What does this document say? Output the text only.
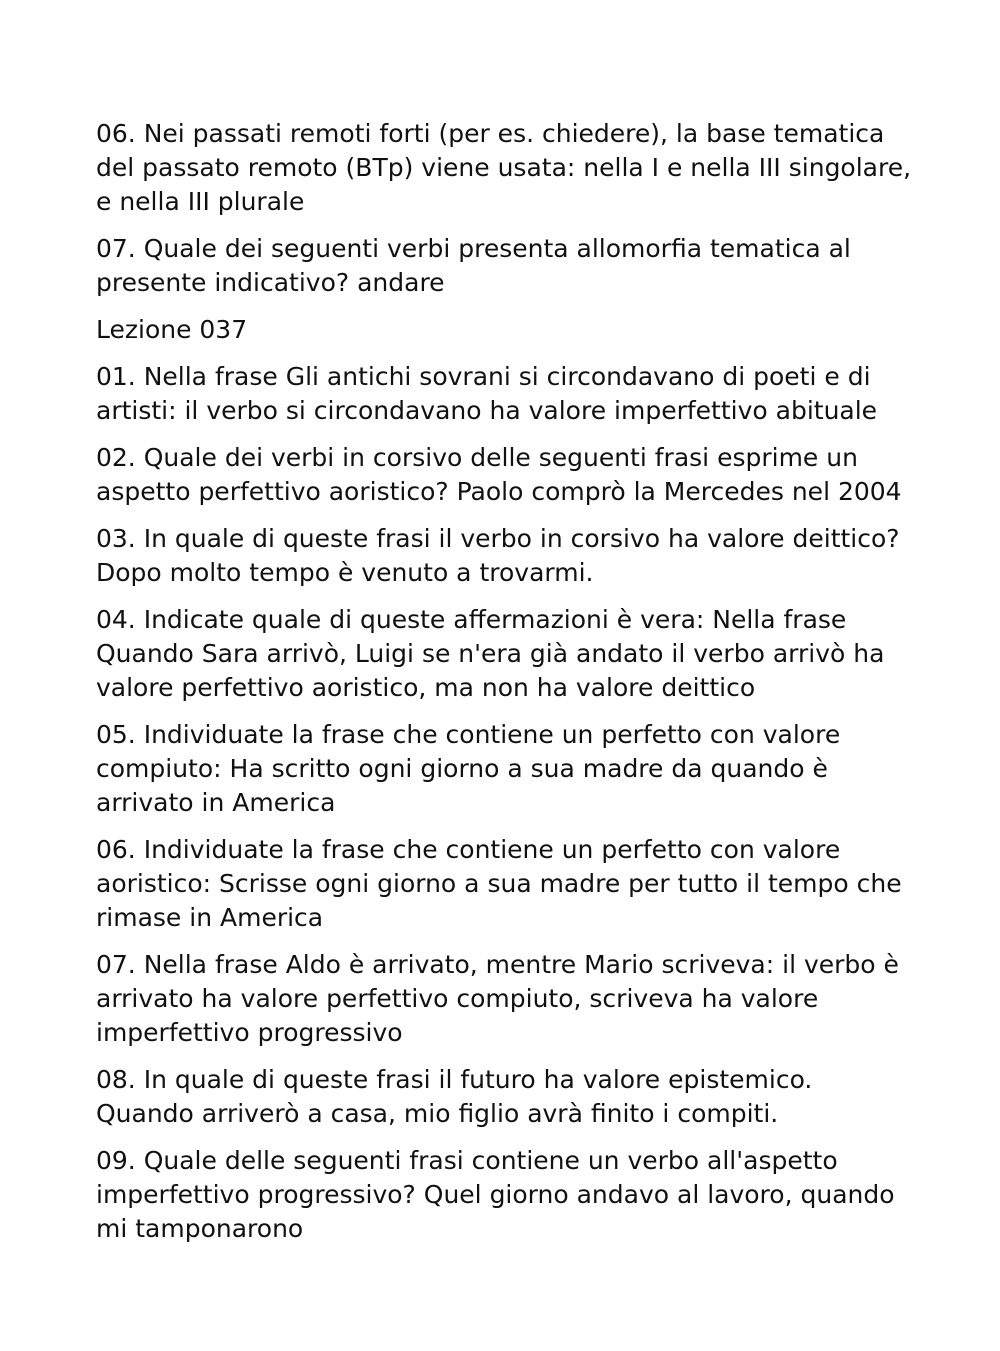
06. Nei passati remoti forti (per es. chiedere), la base tematica del passato remoto (BTp) viene usata: nella I e nella III singolare, e nella III plurale

07. Quale dei seguenti verbi presenta allomorfia tematica al presente indicativo? andare

Lezione 037

01. Nella frase Gli antichi sovrani si circondavano di poeti e di artisti: il verbo si circondavano ha valore imperfettivo abituale

02. Quale dei verbi in corsivo delle seguenti frasi esprime un aspetto perfettivo aoristico? Paolo comprò la Mercedes nel 2004

03. In quale di queste frasi il verbo in corsivo ha valore deittico? Dopo molto tempo è venuto a trovarmi.

04. Indicate quale di queste affermazioni è vera: Nella frase Quando Sara arrivò, Luigi se n'era già andato il verbo arrivò ha valore perfettivo aoristico, ma non ha valore deittico

05. Individuate la frase che contiene un perfetto con valore compiuto: Ha scritto ogni giorno a sua madre da quando è arrivato in America

06. Individuate la frase che contiene un perfetto con valore aoristico: Scrisse ogni giorno a sua madre per tutto il tempo che rimase in America

07. Nella frase Aldo è arrivato, mentre Mario scriveva: il verbo è arrivato ha valore perfettivo compiuto, scriveva ha valore imperfettivo progressivo

08. In quale di queste frasi il futuro ha valore epistemico. Quando arriverò a casa, mio figlio avrà finito i compiti.

09. Quale delle seguenti frasi contiene un verbo all'aspetto imperfettivo progressivo? Quel giorno andavo al lavoro, quando mi tamponarono
